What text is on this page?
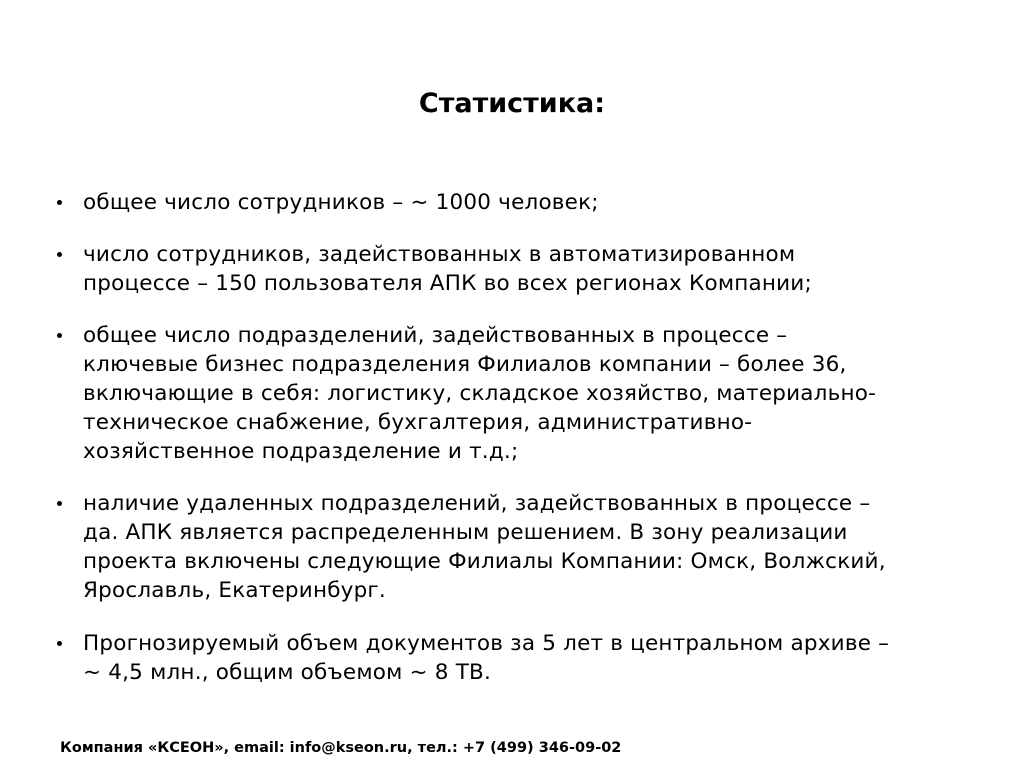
Статистика:
общее число сотрудников – ~ 1000 человек;
число сотрудников, задействованных в автоматизированном
процессе – 150 пользователя АПК во всех регионах Компании;
общее число подразделений, задействованных в процессе –
ключевые бизнес подразделения Филиалов компании – более 36,
включающие в себя: логистику, складское хозяйство, материально-
техническое снабжение, бухгалтерия, административно-
хозяйственное подразделение и т.д.;
наличие удаленных подразделений, задействованных в процессе –
да. АПК является распределенным решением. В зону реализации
проекта включены следующие Филиалы Компании: Омск, Волжский,
Ярославль, Екатеринбург.
Прогнозируемый объем документов за 5 лет в центральном архиве –
~ 4,5 млн., общим объемом ~ 8 ТВ.
Компания «КСЕОН», email: info@kseon.ru, тел.: +7 (499) 346-09-02
